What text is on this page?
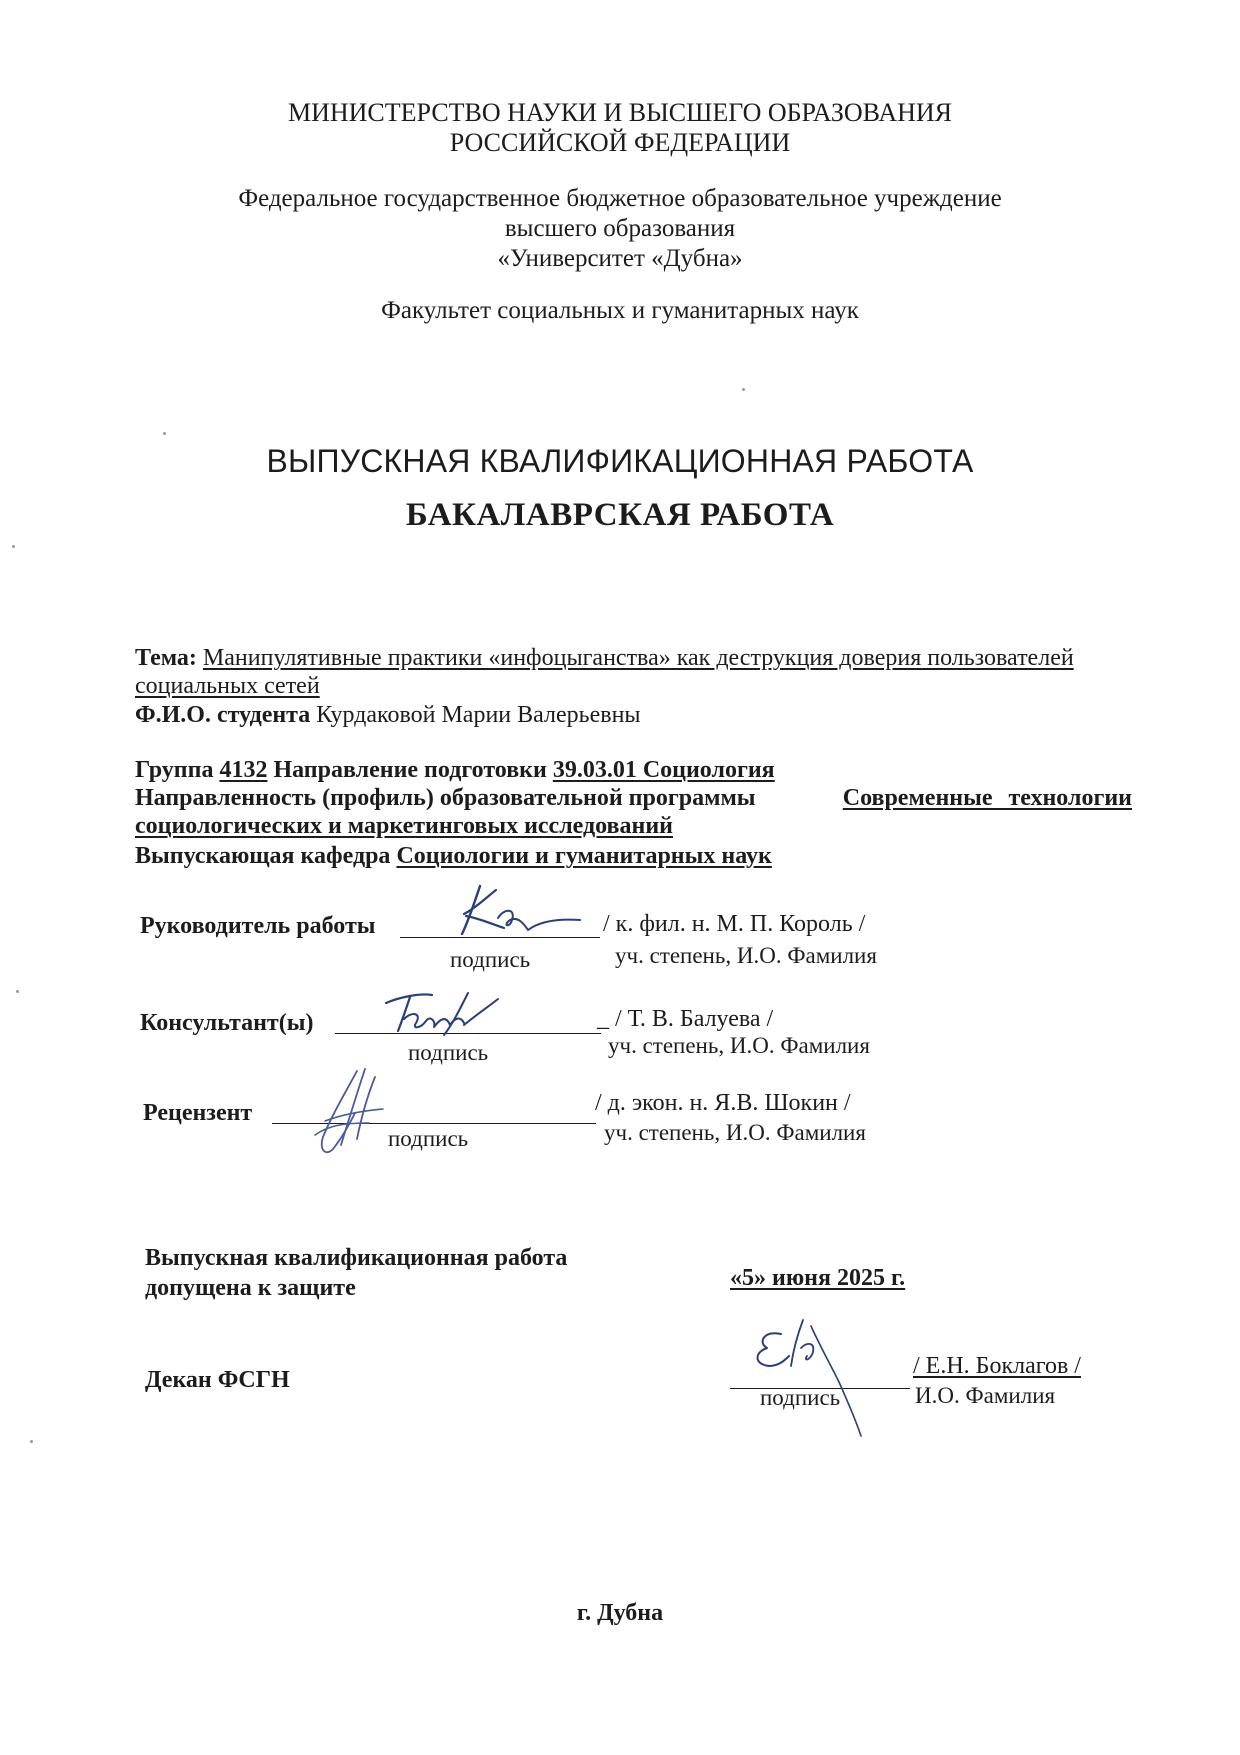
МИНИСТЕРСТВО НАУКИ И ВЫСШЕГО ОБРАЗОВАНИЯ
РОССИЙСКОЙ ФЕДЕРАЦИИ
Федеральное государственное бюджетное образовательное учреждение
высшего образования
«Университет «Дубна»
Факультет социальных и гуманитарных наук
ВЫПУСКНАЯ КВАЛИФИКАЦИОННАЯ РАБОТА
БАКАЛАВРСКАЯ РАБОТА
Тема: Манипулятивные практики «инфоцыганства» как деструкция доверия пользователей
социальных сетей
Ф.И.О. студента Курдаковой Марии Валерьевны
Группа 4132 Направление подготовки 39.03.01 Социология
Направленность (профиль) образовательной программы	Современные технологии
социологических и маркетинговых исследований
Выпускающая кафедра Социологии и гуманитарных наук
Руководитель работы	/ к. фил. н. М. П. Король /
подпись	уч. степень, И.О. Фамилия
Консультант(ы)	_ / Т. В. Балуева /
подпись	уч. степень, И.О. Фамилия
Рецензент	/ д. экон. н. Я.В. Шокин /
подпись	уч. степень, И.О. Фамилия
Выпускная квалификационная работа
допущена к защите	«5» июня 2025 г.
Декан ФСГН
/ Е.Н. Боклагов /
подпись	И.О. Фамилия
г. Дубна
